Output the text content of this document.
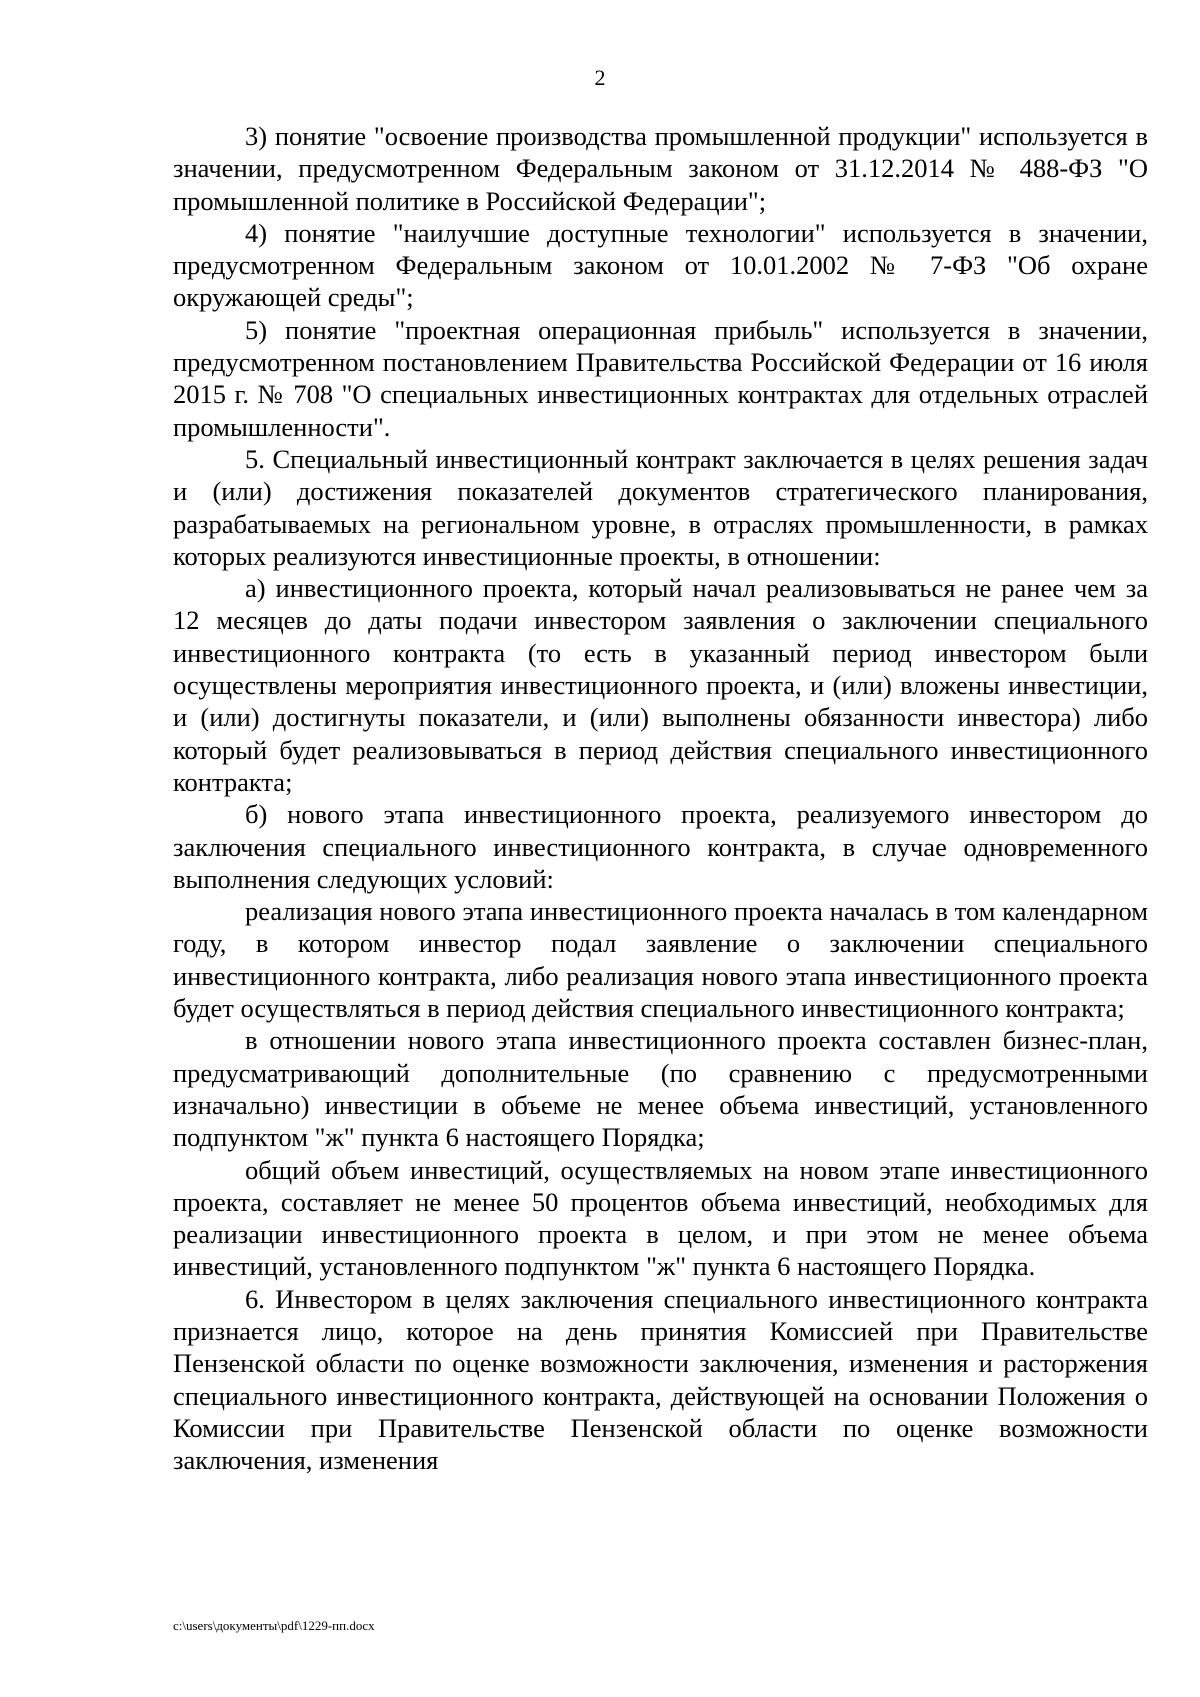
2

3) понятие "освоение производства промышленной продукции" используется в значении, предусмотренном Федеральным законом от 31.12.2014 № 488-ФЗ "О промышленной политике в Российской Федерации";

4) понятие "наилучшие доступные технологии" используется в значении, предусмотренном Федеральным законом от 10.01.2002 № 7-ФЗ "Об охране окружающей среды";

5) понятие "проектная операционная прибыль" используется в значении, предусмотренном постановлением Правительства Российской Федерации от 16 июля 2015 г. № 708 "О специальных инвестиционных контрактах для отдельных отраслей промышленности".

5. Специальный инвестиционный контракт заключается в целях решения задач и (или) достижения показателей документов стратегического планирования, разрабатываемых на региональном уровне, в отраслях промышленности, в рамках которых реализуются инвестиционные проекты, в отношении:

а) инвестиционного проекта, который начал реализовываться не ранее чем за 12 месяцев до даты подачи инвестором заявления о заключении специального инвестиционного контракта (то есть в указанный период инвестором были осуществлены мероприятия инвестиционного проекта, и (или) вложены инвестиции, и (или) достигнуты показатели, и (или) выполнены обязанности инвестора) либо который будет реализовываться в период действия специального инвестиционного контракта;

б) нового этапа инвестиционного проекта, реализуемого инвестором до заключения специального инвестиционного контракта, в случае одновременного выполнения следующих условий:

реализация нового этапа инвестиционного проекта началась в том календарном году, в котором инвестор подал заявление о заключении специального инвестиционного контракта, либо реализация нового этапа инвестиционного проекта будет осуществляться в период действия специального инвестиционного контракта;

в отношении нового этапа инвестиционного проекта составлен бизнес-план, предусматривающий дополнительные (по сравнению с предусмотренными изначально) инвестиции в объеме не менее объема инвестиций, установленного подпунктом "ж" пункта 6 настоящего Порядка;

общий объем инвестиций, осуществляемых на новом этапе инвестиционного проекта, составляет не менее 50 процентов объема инвестиций, необходимых для реализации инвестиционного проекта в целом, и при этом не менее объема инвестиций, установленного подпунктом "ж" пункта 6 настоящего Порядка.

6. Инвестором в целях заключения специального инвестиционного контракта признается лицо, которое на день принятия Комиссией при Правительстве Пензенской области по оценке возможности заключения, изменения и расторжения специального инвестиционного контракта, действующей на основании Положения о Комиссии при Правительстве Пензенской области по оценке возможности заключения, изменения

c:\users\документы\pdf\1229-пп.docx
